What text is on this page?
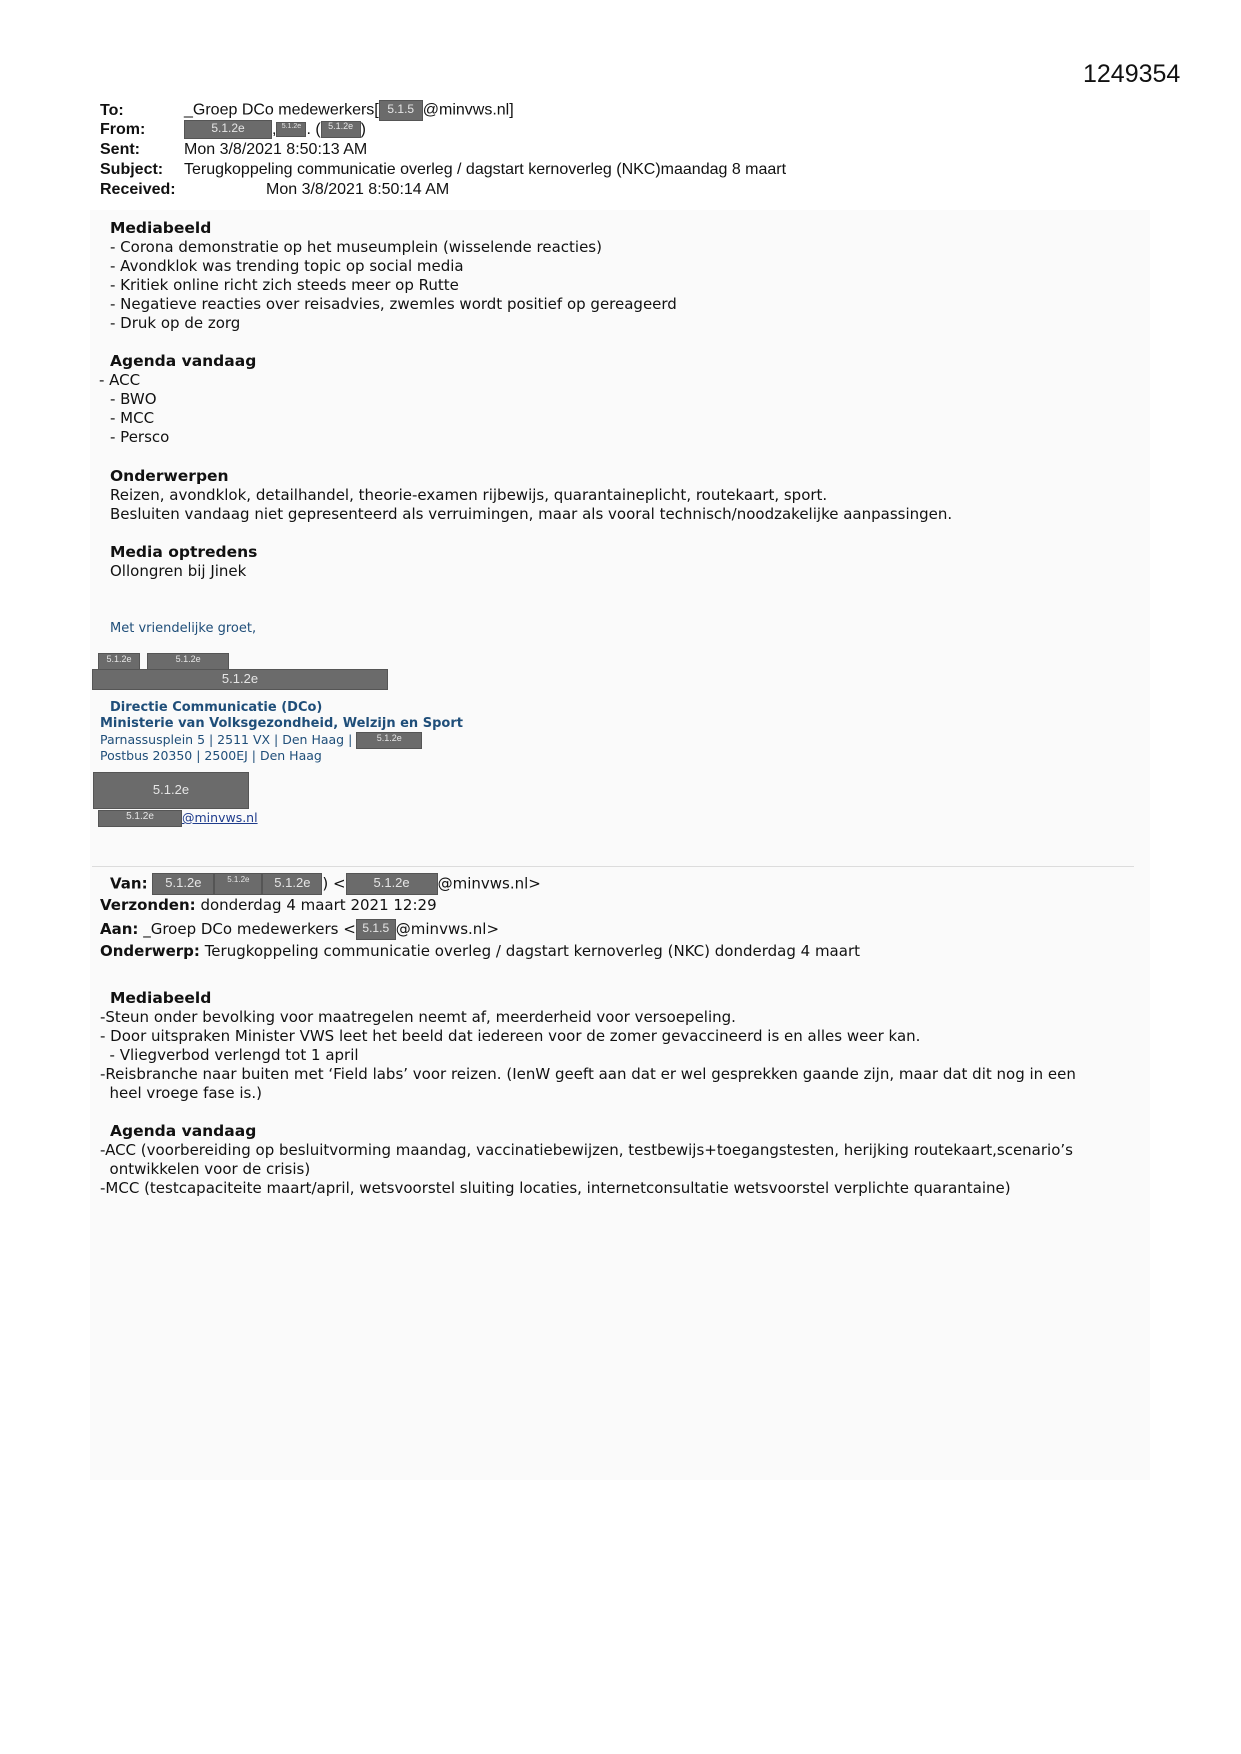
1249354
To:	_Groep DCo medewerkers[ 5.1.5 @minvws.nl]
From:	5.1.2e , 5.1.2e . ( 5.1.2e )
Sent:	Mon 3/8/2021 8:50:13 AM
Subject: Terugkoppeling communicatie overleg / dagstart kernoverleg (NKC)maandag 8 maart
Received:	Mon 3/8/2021 8:50:14 AM
Mediabeeld
- Corona demonstratie op het museumplein (wisselende reacties)
- Avondklok was trending topic op social media
- Kritiek online richt zich steeds meer op Rutte
- Negatieve reacties over reisadvies, zwemles wordt positief op gereageerd
- Druk op de zorg
Agenda vandaag
- ACC
- BWO
- MCC
- Persco
Onderwerpen
Reizen, avondklok, detailhandel, theorie-examen rijbewijs, quarantaineplicht, routekaart, sport.
Besluiten vandaag niet gepresenteerd als verruimingen, maar als vooral technisch/noodzakelijke aanpassingen.
Media optredens
Ollongren bij Jinek
Met vriendelijke groet,
5.1.2e	5.1.2e
5.1.2e
Directie Communicatie (DCo)
Ministerie van Volksgezondheid, Welzijn en Sport
Parnassusplein 5 | 2511 VX | Den Haag |	5.1.2e
Postbus 20350 | 2500EJ | Den Haag
5.1.2e
5.1.2e @minvws.nl
Van: 5.1.2e	5.1.2e 5.1.2e ) < 5.1.2e @minvws.nl>
Verzonden: donderdag 4 maart 2021 12:29
Aan: _Groep DCo medewerkers < 5.1.5 @minvws.nl>
Onderwerp: Terugkoppeling communicatie overleg / dagstart kernoverleg (NKC) donderdag 4 maart
Mediabeeld
-Steun onder bevolking voor maatregelen neemt af, meerderheid voor versoepeling.
- Door uitspraken Minister VWS leet het beeld dat iedereen voor de zomer gevaccineerd is en alles weer kan.
- Vliegverbod verlengd tot 1 april
-Reisbranche naar buiten met ‘Field labs’ voor reizen. (IenW geeft aan dat er wel gesprekken gaande zijn, maar dat dit nog in een
heel vroege fase is.)
Agenda vandaag
-ACC (voorbereiding op besluitvorming maandag, vaccinatiebewijzen, testbewijs+toegangstesten, herijking routekaart,scenario’s
ontwikkelen voor de crisis)
-MCC (testcapaciteite maart/april, wetsvoorstel sluiting locaties, internetconsultatie wetsvoorstel verplichte quarantaine)
